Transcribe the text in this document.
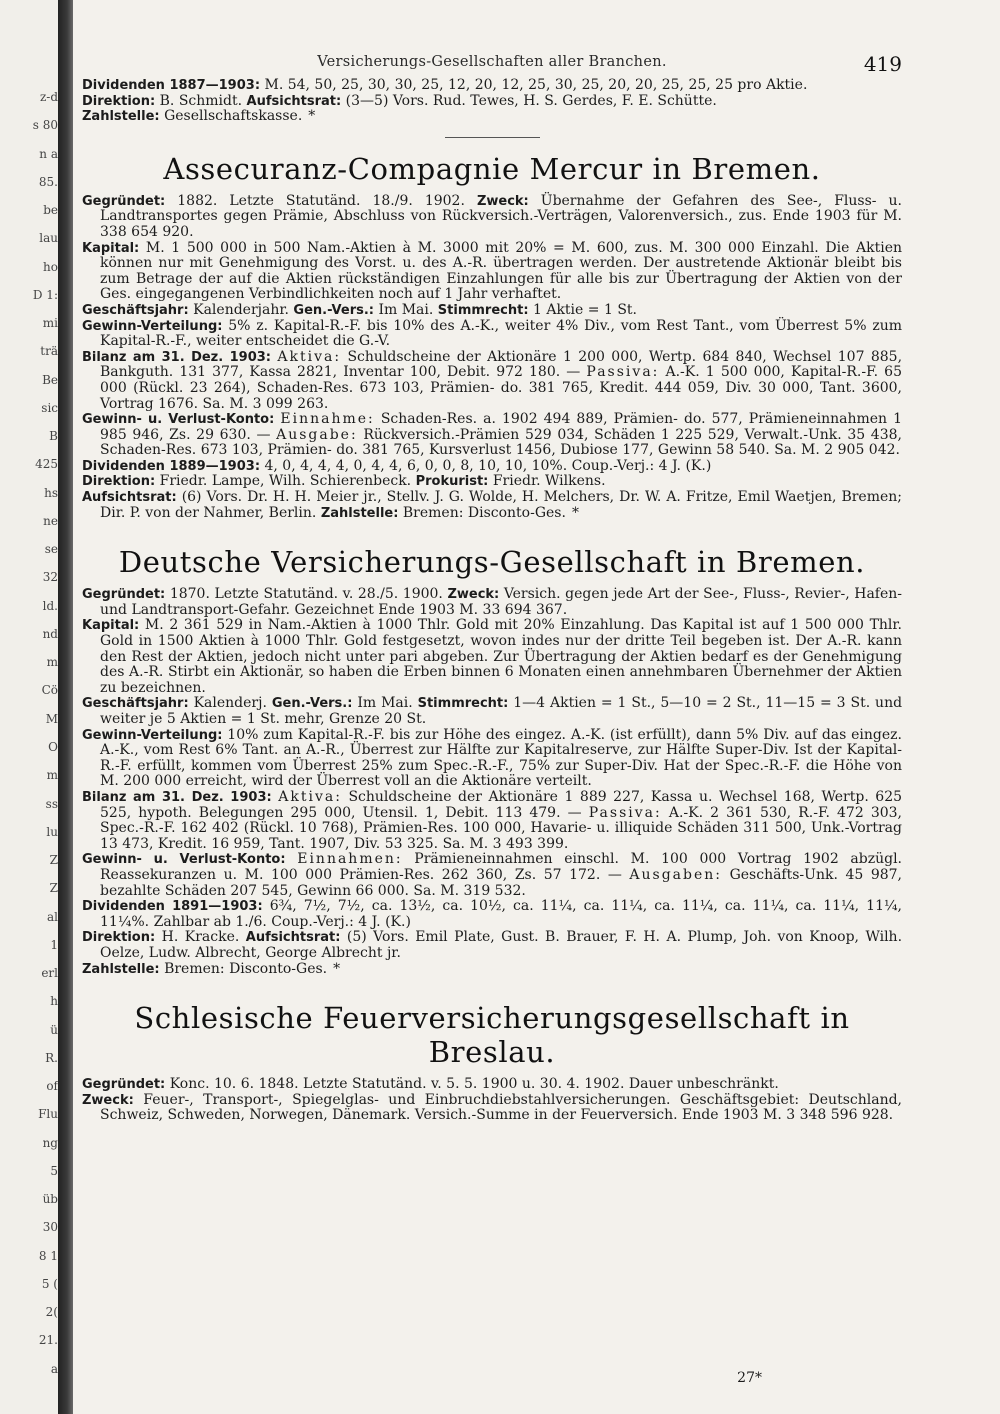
z-d
s 80
n a
85.
be
lau
ho
D 1:
mi
trä
Be
sic
B
425
hs
ne
se
32
ld.
nd
m
Cö
M
O
m
ss
lu
Z
Z
al
1
erl
h
ü
R.
of
Flu
ng
5
üb
30
8 1
5 (
2(
21.
a
Versicherungs-Gesellschaften aller Branchen.	419

Dividenden 1887—1903: M. 54, 50, 25, 30, 30, 25, 12, 20, 12, 25, 30, 25, 20, 20, 25, 25, 25 pro Aktie.

Direktion: B. Schmidt. Aufsichtsrat: (3—5) Vors. Rud. Tewes, H. S. Gerdes, F. E. Schütte.

Zahlstelle: Gesellschaftskasse. *

Assecuranz-Compagnie Mercur in Bremen.

Gegründet: 1882. Letzte Statutänd. 18./9. 1902. Zweck: Übernahme der Gefahren des See-, Fluss- u. Landtransportes gegen Prämie, Abschluss von Rückversich.-Verträgen, Valorenversich., zus. Ende 1903 für M. 338 654 920.

Kapital: M. 1 500 000 in 500 Nam.-Aktien à M. 3000 mit 20% = M. 600, zus. M. 300 000 Einzahl. Die Aktien können nur mit Genehmigung des Vorst. u. des A.-R. übertragen werden. Der austretende Aktionär bleibt bis zum Betrage der auf die Aktien rückständigen Einzahlungen für alle bis zur Übertragung der Aktien von der Ges. eingegangenen Verbindlichkeiten noch auf 1 Jahr verhaftet.

Geschäftsjahr: Kalenderjahr. Gen.-Vers.: Im Mai. Stimmrecht: 1 Aktie = 1 St.

Gewinn-Verteilung: 5% z. Kapital-R.-F. bis 10% des A.-K., weiter 4% Div., vom Rest Tant., vom Überrest 5% zum Kapital-R.-F., weiter entscheidet die G.-V.

Bilanz am 31. Dez. 1903: Aktiva: Schuldscheine der Aktionäre 1 200 000, Wertp. 684 840, Wechsel 107 885, Bankguth. 131 377, Kassa 2821, Inventar 100, Debit. 972 180. — Passiva: A.-K. 1 500 000, Kapital-R.-F. 65 000 (Rückl. 23 264), Schaden-Res. 673 103, Prämien- do. 381 765, Kredit. 444 059, Div. 30 000, Tant. 3600, Vortrag 1676. Sa. M. 3 099 263.

Gewinn- u. Verlust-Konto: Einnahme: Schaden-Res. a. 1902 494 889, Prämien- do. 577, Prämieneinnahmen 1 985 946, Zs. 29 630. — Ausgabe: Rückversich.-Prämien 529 034, Schäden 1 225 529, Verwalt.-Unk. 35 438, Schaden-Res. 673 103, Prämien- do. 381 765, Kursverlust 1456, Dubiose 177, Gewinn 58 540. Sa. M. 2 905 042.

Dividenden 1889—1903: 4, 0, 4, 4, 4, 0, 4, 4, 6, 0, 0, 8, 10, 10, 10%. Coup.-Verj.: 4 J. (K.)

Direktion: Friedr. Lampe, Wilh. Schierenbeck. Prokurist: Friedr. Wilkens.

Aufsichtsrat: (6) Vors. Dr. H. H. Meier jr., Stellv. J. G. Wolde, H. Melchers, Dr. W. A. Fritze, Emil Waetjen, Bremen; Dir. P. von der Nahmer, Berlin. Zahlstelle: Bremen: Disconto-Ges. *

Deutsche Versicherungs-Gesellschaft in Bremen.

Gegründet: 1870. Letzte Statutänd. v. 28./5. 1900. Zweck: Versich. gegen jede Art der See-, Fluss-, Revier-, Hafen- und Landtransport-Gefahr. Gezeichnet Ende 1903 M. 33 694 367.

Kapital: M. 2 361 529 in Nam.-Aktien à 1000 Thlr. Gold mit 20% Einzahlung. Das Kapital ist auf 1 500 000 Thlr. Gold in 1500 Aktien à 1000 Thlr. Gold festgesetzt, wovon indes nur der dritte Teil begeben ist. Der A.-R. kann den Rest der Aktien, jedoch nicht unter pari abgeben. Zur Übertragung der Aktien bedarf es der Genehmigung des A.-R. Stirbt ein Aktionär, so haben die Erben binnen 6 Monaten einen annehmbaren Übernehmer der Aktien zu bezeichnen.

Geschäftsjahr: Kalenderj. Gen.-Vers.: Im Mai. Stimmrecht: 1—4 Aktien = 1 St., 5—10 = 2 St., 11—15 = 3 St. und weiter je 5 Aktien = 1 St. mehr, Grenze 20 St.

Gewinn-Verteilung: 10% zum Kapital-R.-F. bis zur Höhe des eingez. A.-K. (ist erfüllt), dann 5% Div. auf das eingez. A.-K., vom Rest 6% Tant. an A.-R., Überrest zur Hälfte zur Kapitalreserve, zur Hälfte Super-Div. Ist der Kapital-R.-F. erfüllt, kommen vom Überrest 25% zum Spec.-R.-F., 75% zur Super-Div. Hat der Spec.-R.-F. die Höhe von M. 200 000 erreicht, wird der Überrest voll an die Aktionäre verteilt.

Bilanz am 31. Dez. 1903: Aktiva: Schuldscheine der Aktionäre 1 889 227, Kassa u. Wechsel 168, Wertp. 625 525, hypoth. Belegungen 295 000, Utensil. 1, Debit. 113 479. — Passiva: A.-K. 2 361 530, R.-F. 472 303, Spec.-R.-F. 162 402 (Rückl. 10 768), Prämien-Res. 100 000, Havarie- u. illiquide Schäden 311 500, Unk.-Vortrag 13 473, Kredit. 16 959, Tant. 1907, Div. 53 325. Sa. M. 3 493 399.

Gewinn- u. Verlust-Konto: Einnahmen: Prämieneinnahmen einschl. M. 100 000 Vortrag 1902 abzügl. Reassekuranzen u. M. 100 000 Prämien-Res. 262 360, Zs. 57 172. — Ausgaben: Geschäfts-Unk. 45 987, bezahlte Schäden 207 545, Gewinn 66 000. Sa. M. 319 532.

Dividenden 1891—1903: 6¾, 7½, 7½, ca. 13½, ca. 10½, ca. 11¼, ca. 11¼, ca. 11¼, ca. 11¼, ca. 11¼, 11¼, 11¼%. Zahlbar ab 1./6. Coup.-Verj.: 4 J. (K.)

Direktion: H. Kracke. Aufsichtsrat: (5) Vors. Emil Plate, Gust. B. Brauer, F. H. A. Plump, Joh. von Knoop, Wilh. Oelze, Ludw. Albrecht, George Albrecht jr.

Zahlstelle: Bremen: Disconto-Ges. *

Schlesische Feuerversicherungsgesellschaft in Breslau.

Gegründet: Konc. 10. 6. 1848. Letzte Statutänd. v. 5. 5. 1900 u. 30. 4. 1902. Dauer unbeschränkt.

Zweck: Feuer-, Transport-, Spiegelglas- und Einbruchdiebstahlversicherungen. Geschäftsgebiet: Deutschland, Schweiz, Schweden, Norwegen, Dänemark. Versich.-Summe in der Feuerversich. Ende 1903 M. 3 348 596 928.

27*
